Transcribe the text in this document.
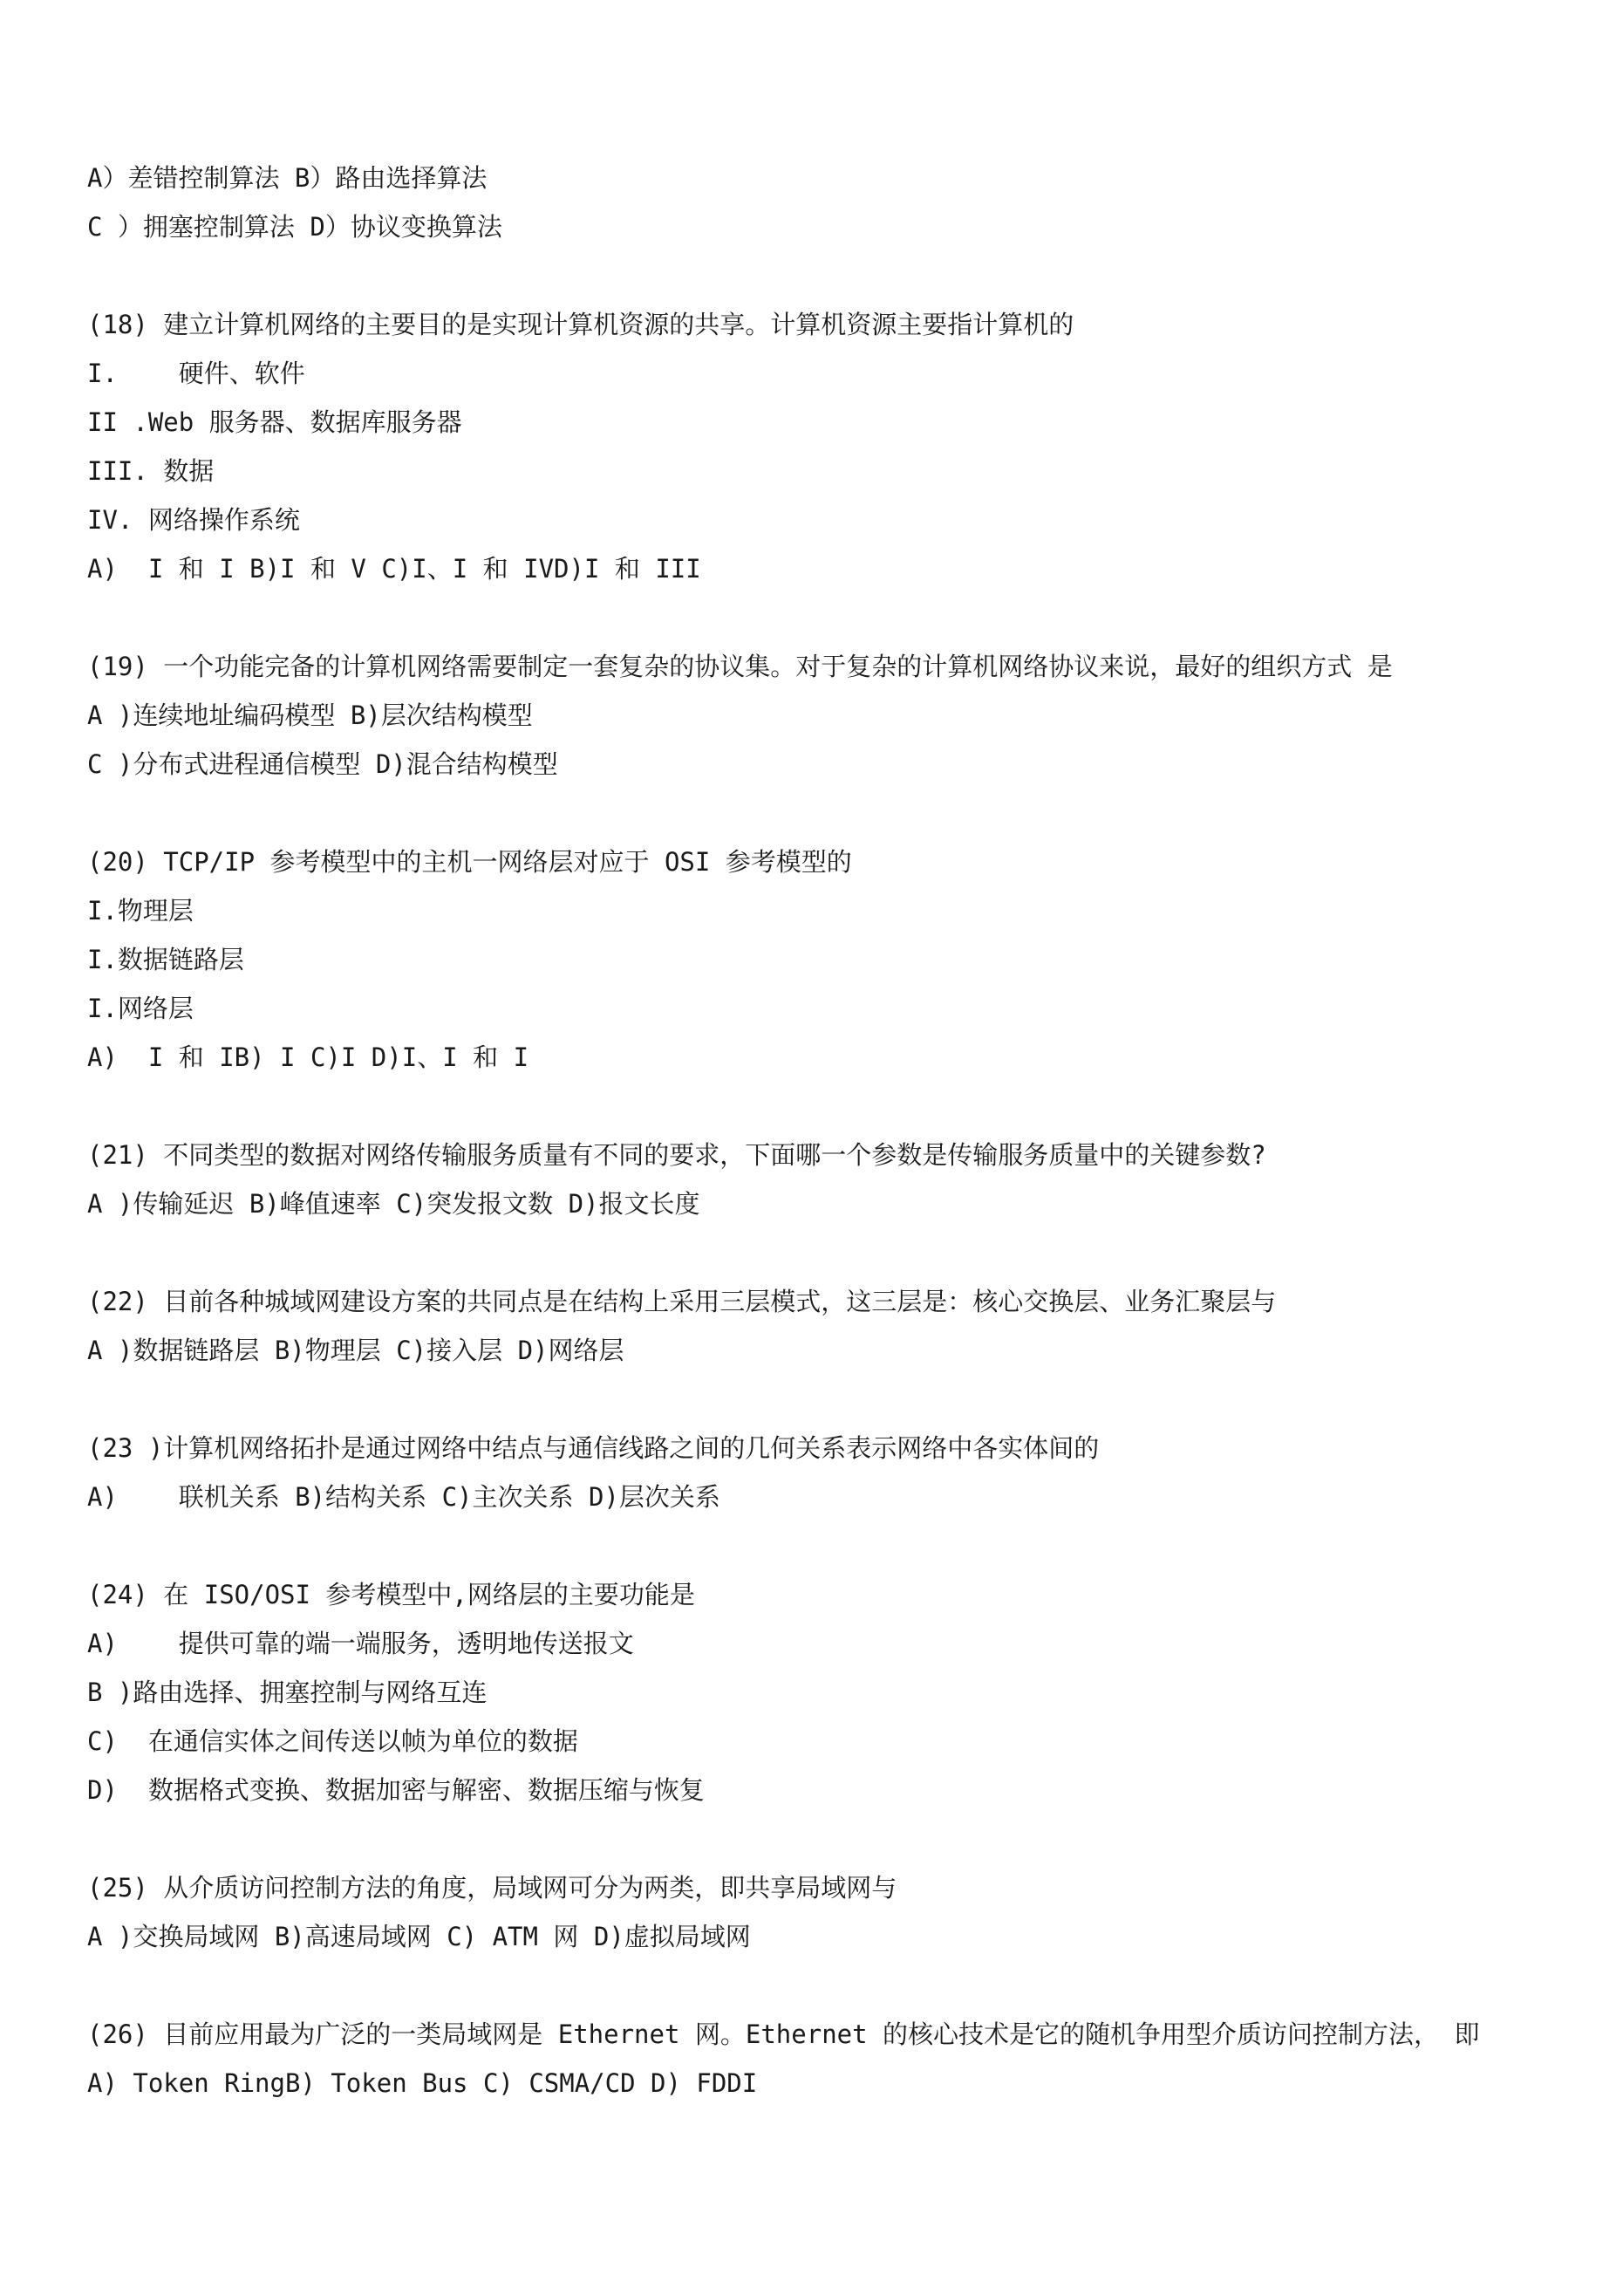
A）差错控制算法 B）路由选择算法

C ）拥塞控制算法 D）协议变换算法

(18) 建立计算机网络的主要目的是实现计算机资源的共享。计算机资源主要指计算机的

I.    硬件、软件

II .Web 服务器、数据库服务器

III. 数据

IV. 网络操作系统

A)  I 和 I B)I 和 V C)I、I 和 IVD)I 和 III

(19) 一个功能完备的计算机网络需要制定一套复杂的协议集。对于复杂的计算机网络协议来说，最好的组织方式 是

A )连续地址编码模型 B)层次结构模型

C )分布式进程通信模型 D)混合结构模型

(20) TCP/IP 参考模型中的主机一网络层对应于 OSI 参考模型的

I.物理层

I.数据链路层

I.网络层

A)  I 和 IB) I C)I D)I、I 和 I

(21) 不同类型的数据对网络传输服务质量有不同的要求，下面哪一个参数是传输服务质量中的关键参数?

A )传输延迟 B)峰值速率 C)突发报文数 D)报文长度

(22) 目前各种城域网建设方案的共同点是在结构上采用三层模式，这三层是：核心交换层、业务汇聚层与

A )数据链路层 B)物理层 C)接入层 D)网络层

(23 )计算机网络拓扑是通过网络中结点与通信线路之间的几何关系表示网络中各实体间的

A)    联机关系 B)结构关系 C)主次关系 D)层次关系

(24) 在 ISO/OSI 参考模型中,网络层的主要功能是

A)    提供可靠的端一端服务，透明地传送报文

B )路由选择、拥塞控制与网络互连

C)  在通信实体之间传送以帧为单位的数据

D)  数据格式变换、数据加密与解密、数据压缩与恢复

(25) 从介质访问控制方法的角度，局域网可分为两类，即共享局域网与

A )交换局域网 B)高速局域网 C) ATM 网 D)虚拟局域网

(26) 目前应用最为广泛的一类局域网是 Ethernet 网。Ethernet 的核心技术是它的随机争用型介质访问控制方法， 即

A) Token RingB) Token Bus C) CSMA/CD D) FDDI
